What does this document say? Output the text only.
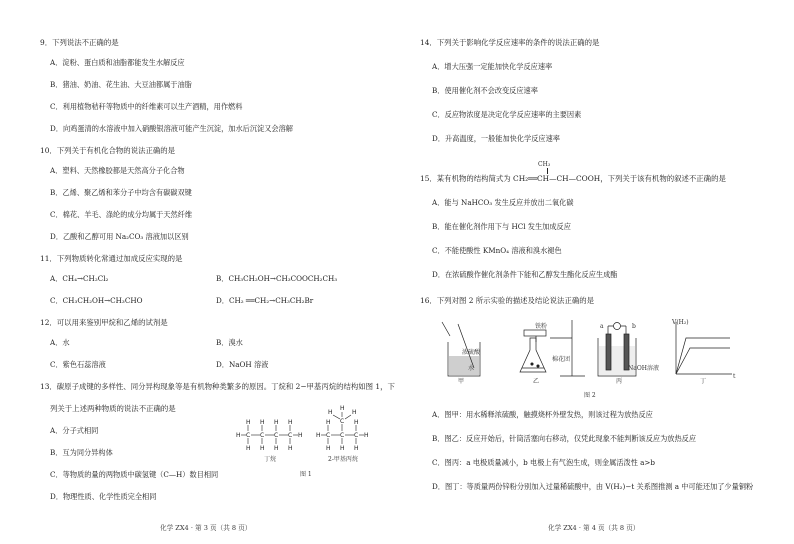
9．下列说法不正确的是
A．淀粉、蛋白质和油脂都能发生水解反应
B．猪油、奶油、花生油、大豆油都属于油脂
C．利用植物秸秆等物质中的纤维素可以生产酒精，用作燃料
D．向鸡蛋清的水溶液中加入硝酸银溶液可能产生沉淀，加水后沉淀又会溶解
10．下列关于有机化合物的说法正确的是
A．塑料、天然橡胶都是天然高分子化合物
B．乙烯、聚乙烯和苯分子中均含有碳碳双键
C．棉花、羊毛、涤纶的成分均属于天然纤维
D．乙酸和乙醇可用 Na₂CO₃ 溶液加以区别
11．下列物质转化常通过加成反应实现的是
A．CH₄→CH₂Cl₂	B．CH₃CH₂OH→CH₃COOCH₂CH₃
C．CH₃CH₂OH→CH₃CHO	D．CH₂ ══CH₂→CH₃CH₂Br
12．可以用来鉴别甲烷和乙烯的试剂是
A．水	B．溴水
C．紫色石蕊溶液	D．NaOH 溶液
13．碳原子成键的多样性、同分异构现象等是有机物种类繁多的原因。丁烷和 2−甲基丙烷的结构如图 1，下
列关于上述两种物质的说法不正确的是
A．分子式相同
B．互为同分异构体
C．等物质的量的两物质中碳氢键（C—H）数目相同
D．物理性质、化学性质完全相同
H C C C C H
H H H H
H H H H
H C C C H
H	H
H H H
C
H
H
H
丁烷	2-甲基丙烷
图 1
化学 ZX4 · 第 3 页（共 8 页）
14．下列关于影响化学反应速率的条件的说法正确的是
A．增大压强一定能加快化学反应速率
B．使用催化剂不会改变反应速率
C．反应物浓度是决定化学反应速率的主要因素
D．升高温度，一般能加快化学反应速率
CH₃
15．某有机物的结构简式为 CH₂══CH—CH—COOH，下列关于该有机物的叙述不正确的是
A．能与 NaHCO₃ 发生反应并放出二氧化碳
B．能在催化剂作用下与 HCl 发生加成反应
C．不能使酸性 KMnO₄ 溶液和溴水褪色
D．在浓硫酸作催化剂条件下能和乙醇发生酯化反应生成酯
16．下列对图 2 所示实验的描述及结论说法正确的是
浓硫酸
水
甲
铁粉
棉花团
乙
a	b
NaOH溶液
丙
V(H₂)
t
丁
图 2
A．图甲：用水稀释浓硫酸，触摸烧杯外壁发热，则该过程为放热反应
B．图乙：反应开始后，针筒活塞向右移动，仅凭此现象不能判断该反应为放热反应
C．图丙：a 电极质量减小，b 电极上有气泡生成，则金属活泼性 a>b
D．图丁：等质量两份锌粉分别加入过量稀硫酸中，由 V(H₂)−t 关系图推测 a 中可能还加了少量铜粉
化学 ZX4 · 第 4 页（共 8 页）
